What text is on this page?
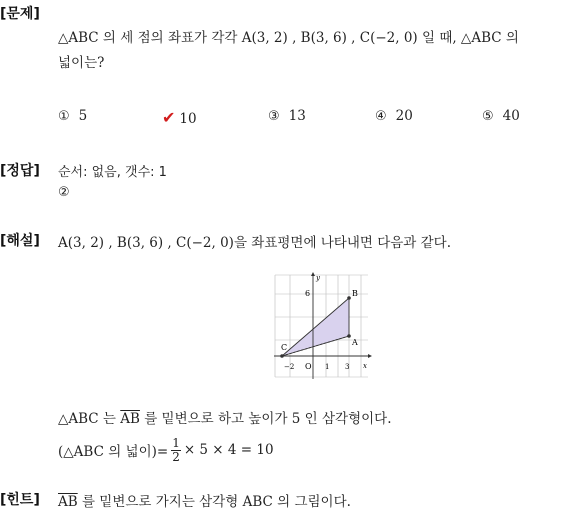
[문제]
△ABC 의 세 점의 좌표가 각각 A(3, 2) , B(3, 6) , C(−2, 0) 일 때, △ABC 의
넓이는?
① 5	✔ 10	③ 13	④ 20	⑤ 40
[정답] 순서: 없음, 갯수: 1
②
[해설] A(3, 2) , B(3, 6) , C(−2, 0)을 좌표평면에 나타내면 다음과 같다.
y
x
6
O
−2	1 3
B
A
C
△ABC 는 $\overline{AB}$ 를 밑변으로 하고 높이가 5 인 삼각형이다.
(△ABC 의 넓이)= $\frac{1}{2} \times 5 \times 4 = 10$
[힌트] $\overline{AB}$ 를 밑변으로 가지는 삼각형 ABC 의 그림이다.
